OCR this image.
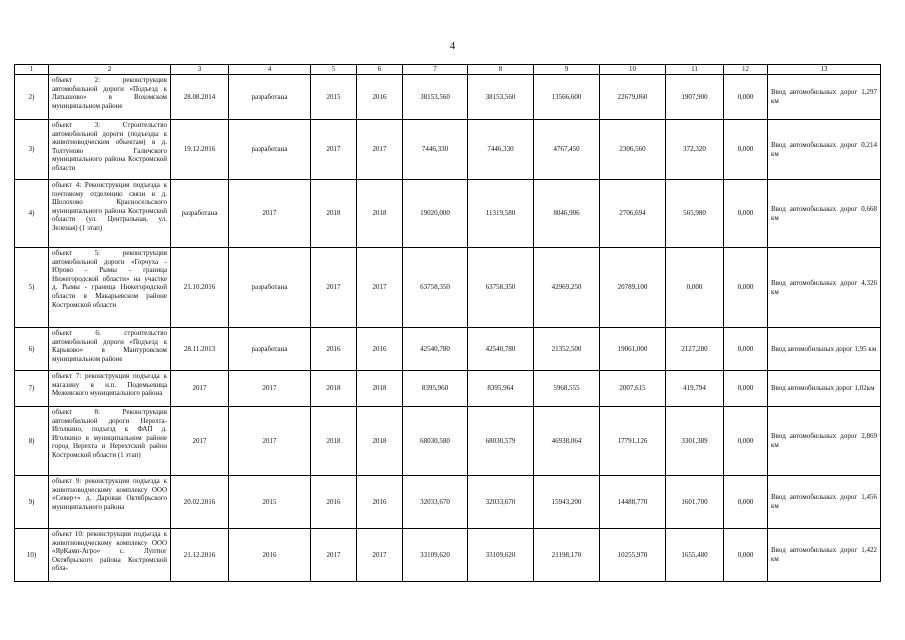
4
1	2	3	4	5	6	7	8	9	10	11	12	13
2)	объект 2: реконструкция автомобильной дороги «Подъезд к Латышово» в Вохомском муниципальном районе	28.08.2014	разработана	2015	2016	38153,560	38153,560	13566,600	22679,060	1907,900	0,000	Ввод автомобильных дорог 1,297 км
3)	объект 3: Строительство автомобильной дороги (подъезды к животноводческим объектам) в д. Толтуново Галичского муниципального района Костромской области	19.12.2016	разработана	2017	2017	7446,330	7446,330	4767,450	2306,560	372,320	0,000	Ввод автомобильных дорог 0,214 км
4)	объект 4: Реконструкция подъезда к почтовому отделению связи в д. Шолохово Красносельского муниципального района Костромской области (ул. Центральная, ул. Зеленая) (1 этап)	разработана	2017	2018	2018	19020,000	11319,580	8046,906	2706,694	565,980	0,000	Ввод автомобильных дорог 0,668 км
5)	объект 5: реконструкция автомобильной дороги «Горчуха - Юрово - Рымы - граница Нижегородской области» на участке д. Рымы - граница Нижегородской области в Макарьевском районе Костромской области	21.10.2016	разработана	2017	2017	63758,350	63758,350	42969,250	20789,100	0,000	0,000	Ввод автомобильных дорог 4,326 км
6)	объект 6: строительство автомобильной дороги «Подъезд к Карьково» в Мантуровском муниципальном районе	28.11.2013	разработана	2016	2016	42540,780	42540,780	21352,500	19061,000	2127,280	0,000	Ввод автомобильных дорог 1,95 км
7)	объект 7: реконструкция подъезда к магазину в н.п. Подемьевица Межевского муниципального района	2017	2017	2018	2018	8395,960	8395,964	5968,555	2007,615	419,794	0,000	Ввод автомобильных дорог 1,02км
8)	объект 8: Реконструкция автомобильной дороги Нерехта-Иголкино, подъезд к ФАП д. Иголкино в муниципальном районе город Нерехта и Нерехтский район Костромской области (1 этап)	2017	2017	2018	2018	68030,580	68030,579	46938,064	17791,126	3301,389	0,000	Ввод автомобильных дорог 2,869 км
9)	объект 9: реконструкция подъезда к животноводческому комплексу ООО «Север+» д. Даровая Октябрьского муниципального района	20.02.2016	2015	2016	2016	32033,670	32033,670	15943,200	14488,770	1601,700	0,000	Ввод автомобильных дорог 1,456 км
10)	объект 10: реконструкция подъезда к животноводческому комплексу ООО «ЯрКамп-Агро» с. Луптюг Октябрьского района Костромской обла-	21.12.2016	2016	2017	2017	33109,620	33109,620	21198,170	10255,970	1655,480	0,000	Ввод автомобильных дорог 1,422 км
